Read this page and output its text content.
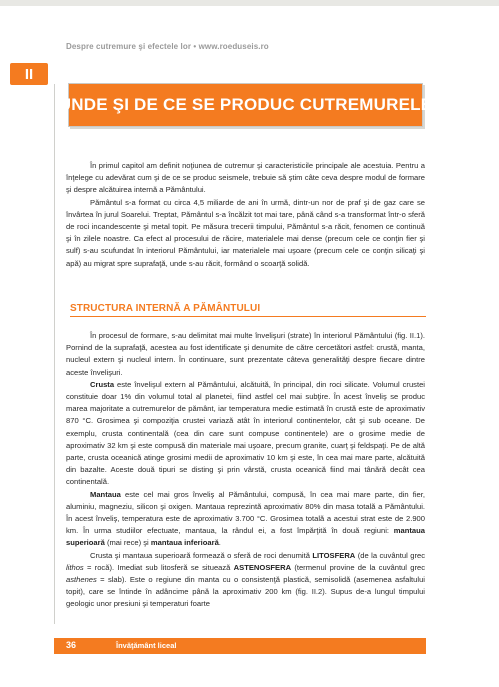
Despre cutremure şi efectele lor • www.roeduseis.ro
II
UNDE ŞI DE CE SE PRODUC CUTREMURELE

În primul capitol am definit noţiunea de cutremur şi caracteristicile principale ale acestuia. Pentru a înţelege cu adevărat cum şi de ce se produc seismele, trebuie să ştim câte ceva despre modul de formare şi despre alcătuirea internă a Pământului.

Pământul s-a format cu circa 4,5 miliarde de ani în urmă, dintr-un nor de praf şi de gaz care se învârtea în jurul Soarelui. Treptat, Pământul s-a încălzit tot mai tare, până când s-a transformat într-o sferă de roci incandescente şi metal topit. Pe măsura trecerii timpului, Pământul s-a răcit, fenomen ce continuă şi în zilele noastre. Ca efect al procesului de răcire, materialele mai dense (precum cele ce conţin fier şi sulf) s-au scufundat în interiorul Pământului, iar materialele mai uşoare (precum cele ce conţin silicaţi şi apă) au migrat spre suprafaţă, unde s-au răcit, formând o scoarţă solidă.

STRUCTURA INTERNĂ A PĂMÂNTULUI

În procesul de formare, s-au delimitat mai multe învelişuri (strate) în interiorul Pământului (fig. II.1). Pornind de la suprafaţă, acestea au fost identificate şi denumite de către cercetători astfel: crustă, manta, nucleul extern şi nucleul intern. În continuare, sunt prezentate câteva generalităţi despre fiecare dintre aceste învelişuri.

Crusta este învelişul extern al Pământului, alcătuită, în principal, din roci silicate. Volumul crustei constituie doar 1% din volumul total al planetei, fiind astfel cel mai subţire. În acest înveliş se produc marea majoritate a cutremurelor de pământ, iar temperatura medie estimată în crustă este de aproximativ 870 °C. Grosimea şi compoziţia crustei variază atât în interiorul continentelor, cât şi sub oceane. De exemplu, crusta continentală (cea din care sunt compuse continentele) are o grosime medie de aproximativ 32 km şi este compusă din materiale mai uşoare, precum granite, cuarţ şi feldspaţi. Pe de altă parte, crusta oceanică atinge grosimi medii de aproximativ 10 km şi este, în cea mai mare parte, alcătuită din bazalte. Aceste două tipuri se disting şi prin vârstă, crusta oceanică fiind mai tânără decât cea continentală.

Mantaua este cel mai gros înveliş al Pământului, compusă, în cea mai mare parte, din fier, aluminiu, magneziu, silicon şi oxigen. Mantaua reprezintă aproximativ 80% din masa totală a Pământului. În acest înveliş, temperatura este de aproximativ 3.700 °C. Grosimea totală a acestui strat este de 2.900 km. În urma studiilor efectuate, mantaua, la rândul ei, a fost împărţită în două regiuni: mantaua superioară (mai rece) şi mantaua inferioară.

Crusta şi mantaua superioară formează o sferă de roci denumită LITOSFERA (de la cuvântul grec lithos = rocă). Imediat sub litosferă se situează ASTENOSFERA (termenul provine de la cuvântul grec asthenes = slab). Este o regiune din manta cu o consistenţă plastică, semisolidă (asemenea asfaltului topit), care se întinde în adâncime până la aproximativ 200 km (fig. II.2). Supus de-a lungul timpului geologic unor presiuni şi temperaturi foarte

36	Învăţământ liceal
